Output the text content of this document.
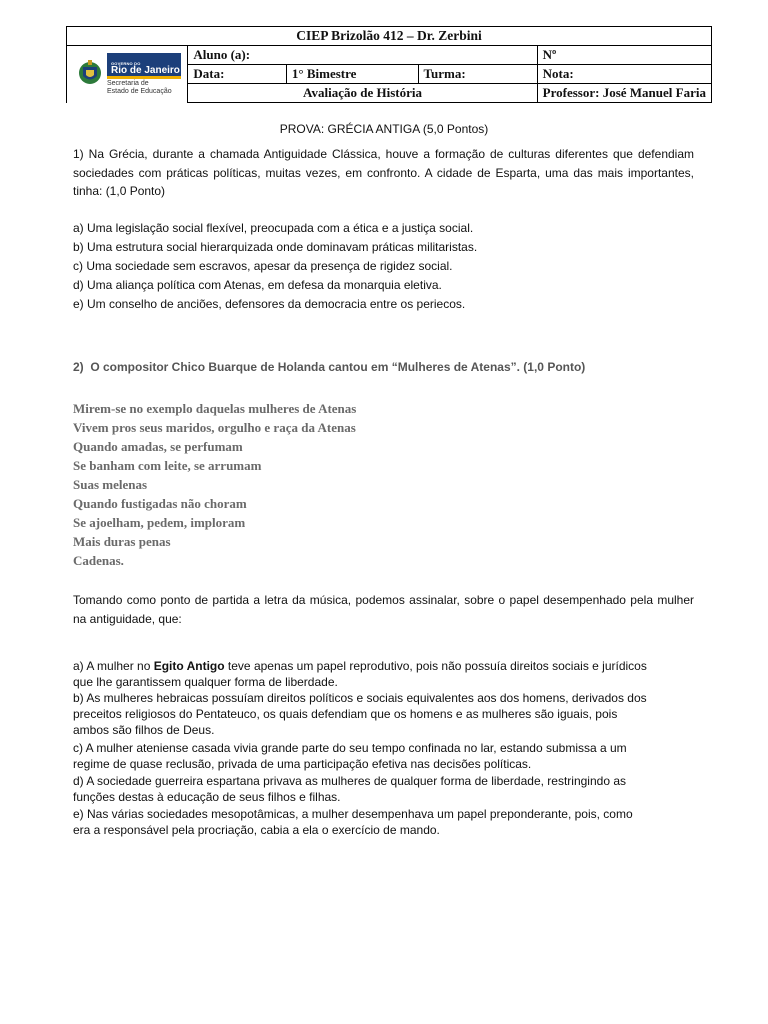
CIEP Brizolão 412 – Dr. Zerbini				

GOVERNO DO
Rio de Janeiro
Secretaria de
Estado de Educação	Aluno (a):			Nº
	Data:	1° Bimestre	Turma:	Nota:
	Avaliação de História			Professor: José Manuel Faria
PROVA: GRÉCIA ANTIGA (5,0 Pontos)
1) Na Grécia, durante a chamada Antiguidade Clássica, houve a formação de culturas diferentes que defendiam sociedades com práticas políticas, muitas vezes, em confronto. A cidade de Esparta, uma das mais importantes, tinha: (1,0 Ponto)
a) Uma legislação social flexível, preocupada com a ética e a justiça social.
b) Uma estrutura social hierarquizada onde dominavam práticas militaristas.
c) Uma sociedade sem escravos, apesar da presença de rigidez social.
d) Uma aliança política com Atenas, em defesa da monarquia eletiva.
e) Um conselho de anciões, defensores da democracia entre os periecos.
2) O compositor Chico Buarque de Holanda cantou em “Mulheres de Atenas”. (1,0 Ponto)
Mirem-se no exemplo daquelas mulheres de Atenas
Vivem pros seus maridos, orgulho e raça da Atenas
Quando amadas, se perfumam
Se banham com leite, se arrumam
Suas melenas
Quando fustigadas não choram
Se ajoelham, pedem, imploram
Mais duras penas
Cadenas.
Tomando como ponto de partida a letra da música, podemos assinalar, sobre o papel desempenhado pela mulher na antiguidade, que:
a) A mulher no Egito Antigo teve apenas um papel reprodutivo, pois não possuía direitos sociais e jurídicos
que lhe garantissem qualquer forma de liberdade.
b) As mulheres hebraicas possuíam direitos políticos e sociais equivalentes aos dos homens, derivados dos
preceitos religiosos do Pentateuco, os quais defendiam que os homens e as mulheres são iguais, pois
ambos são filhos de Deus.
c) A mulher ateniense casada vivia grande parte do seu tempo confinada no lar, estando submissa a um
regime de quase reclusão, privada de uma participação efetiva nas decisões políticas.
d) A sociedade guerreira espartana privava as mulheres de qualquer forma de liberdade, restringindo as
funções destas à educação de seus filhos e filhas.
e) Nas várias sociedades mesopotâmicas, a mulher desempenhava um papel preponderante, pois, como
era a responsável pela procriação, cabia a ela o exercício de mando.
